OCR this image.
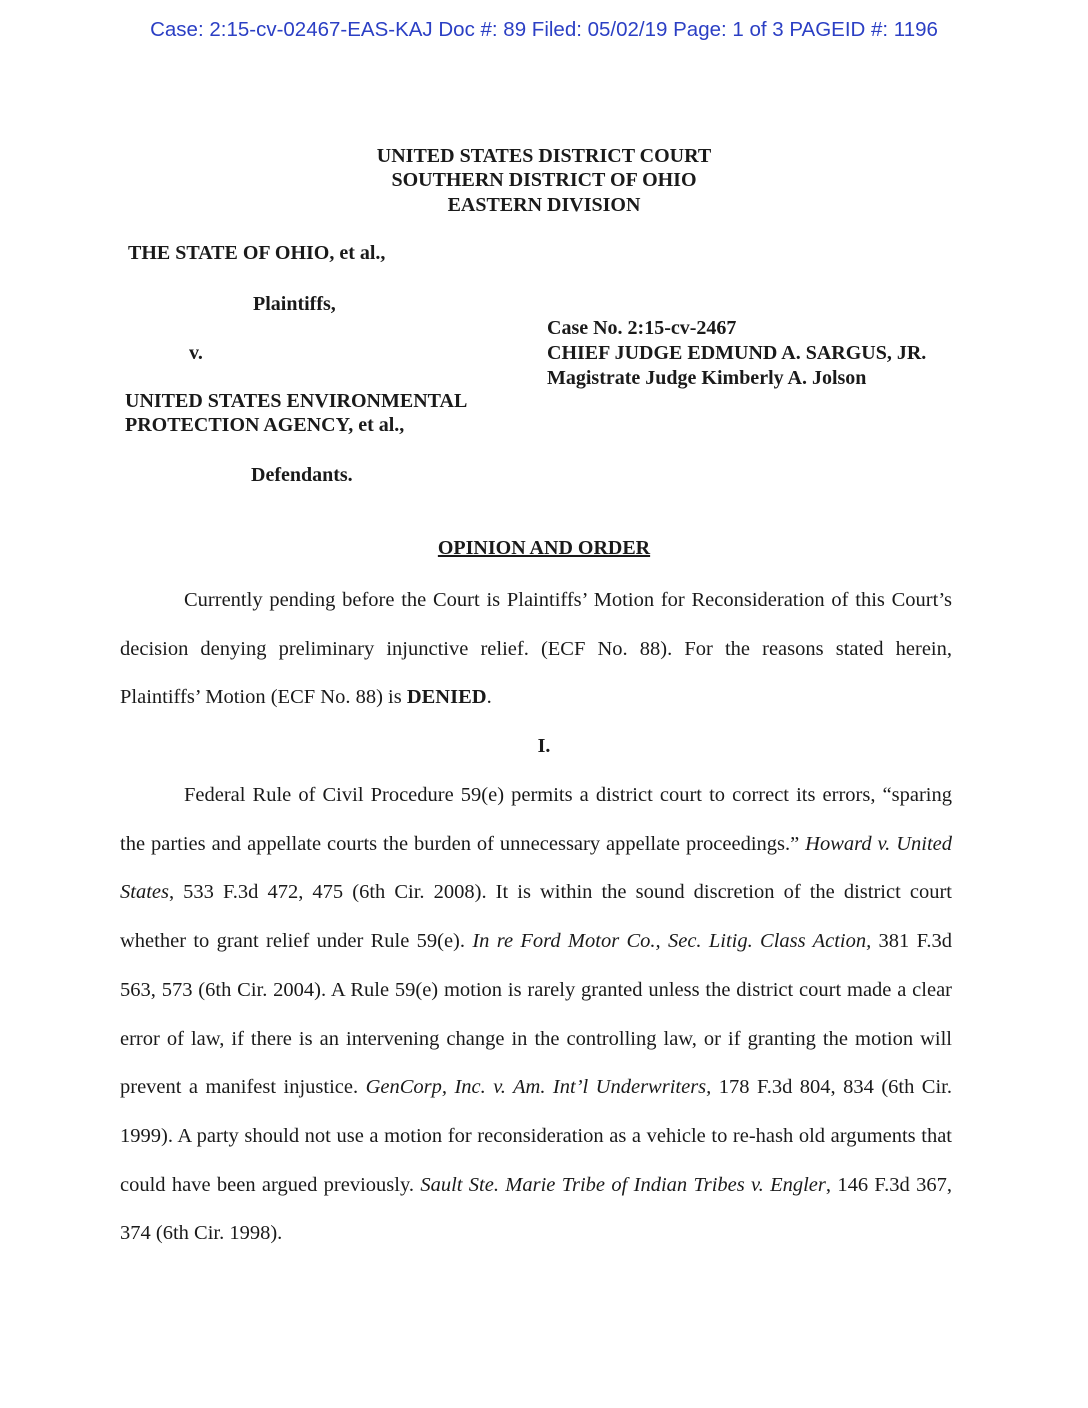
Case: 2:15-cv-02467-EAS-KAJ Doc #: 89 Filed: 05/02/19 Page: 1 of 3 PAGEID #: 1196
UNITED STATES DISTRICT COURT
SOUTHERN DISTRICT OF OHIO
EASTERN DIVISION
THE STATE OF OHIO, et al.,
Plaintiffs,
v.
UNITED STATES ENVIRONMENTAL
PROTECTION AGENCY, et al.,
Defendants.
Case No. 2:15-cv-2467
CHIEF JUDGE EDMUND A. SARGUS, JR.
Magistrate Judge Kimberly A. Jolson
OPINION AND ORDER
Currently pending before the Court is Plaintiffs’ Motion for Reconsideration of this Court’s decision denying preliminary injunctive relief. (ECF No. 88). For the reasons stated herein, Plaintiffs’ Motion (ECF No. 88) is DENIED.
I.
Federal Rule of Civil Procedure 59(e) permits a district court to correct its errors, “sparing the parties and appellate courts the burden of unnecessary appellate proceedings.” Howard v. United States, 533 F.3d 472, 475 (6th Cir. 2008). It is within the sound discretion of the district court whether to grant relief under Rule 59(e). In re Ford Motor Co., Sec. Litig. Class Action, 381 F.3d 563, 573 (6th Cir. 2004). A Rule 59(e) motion is rarely granted unless the district court made a clear error of law, if there is an intervening change in the controlling law, or if granting the motion will prevent a manifest injustice. GenCorp, Inc. v. Am. Int’l Underwriters, 178 F.3d 804, 834 (6th Cir. 1999). A party should not use a motion for reconsideration as a vehicle to re-hash old arguments that could have been argued previously. Sault Ste. Marie Tribe of Indian Tribes v. Engler, 146 F.3d 367, 374 (6th Cir. 1998).
